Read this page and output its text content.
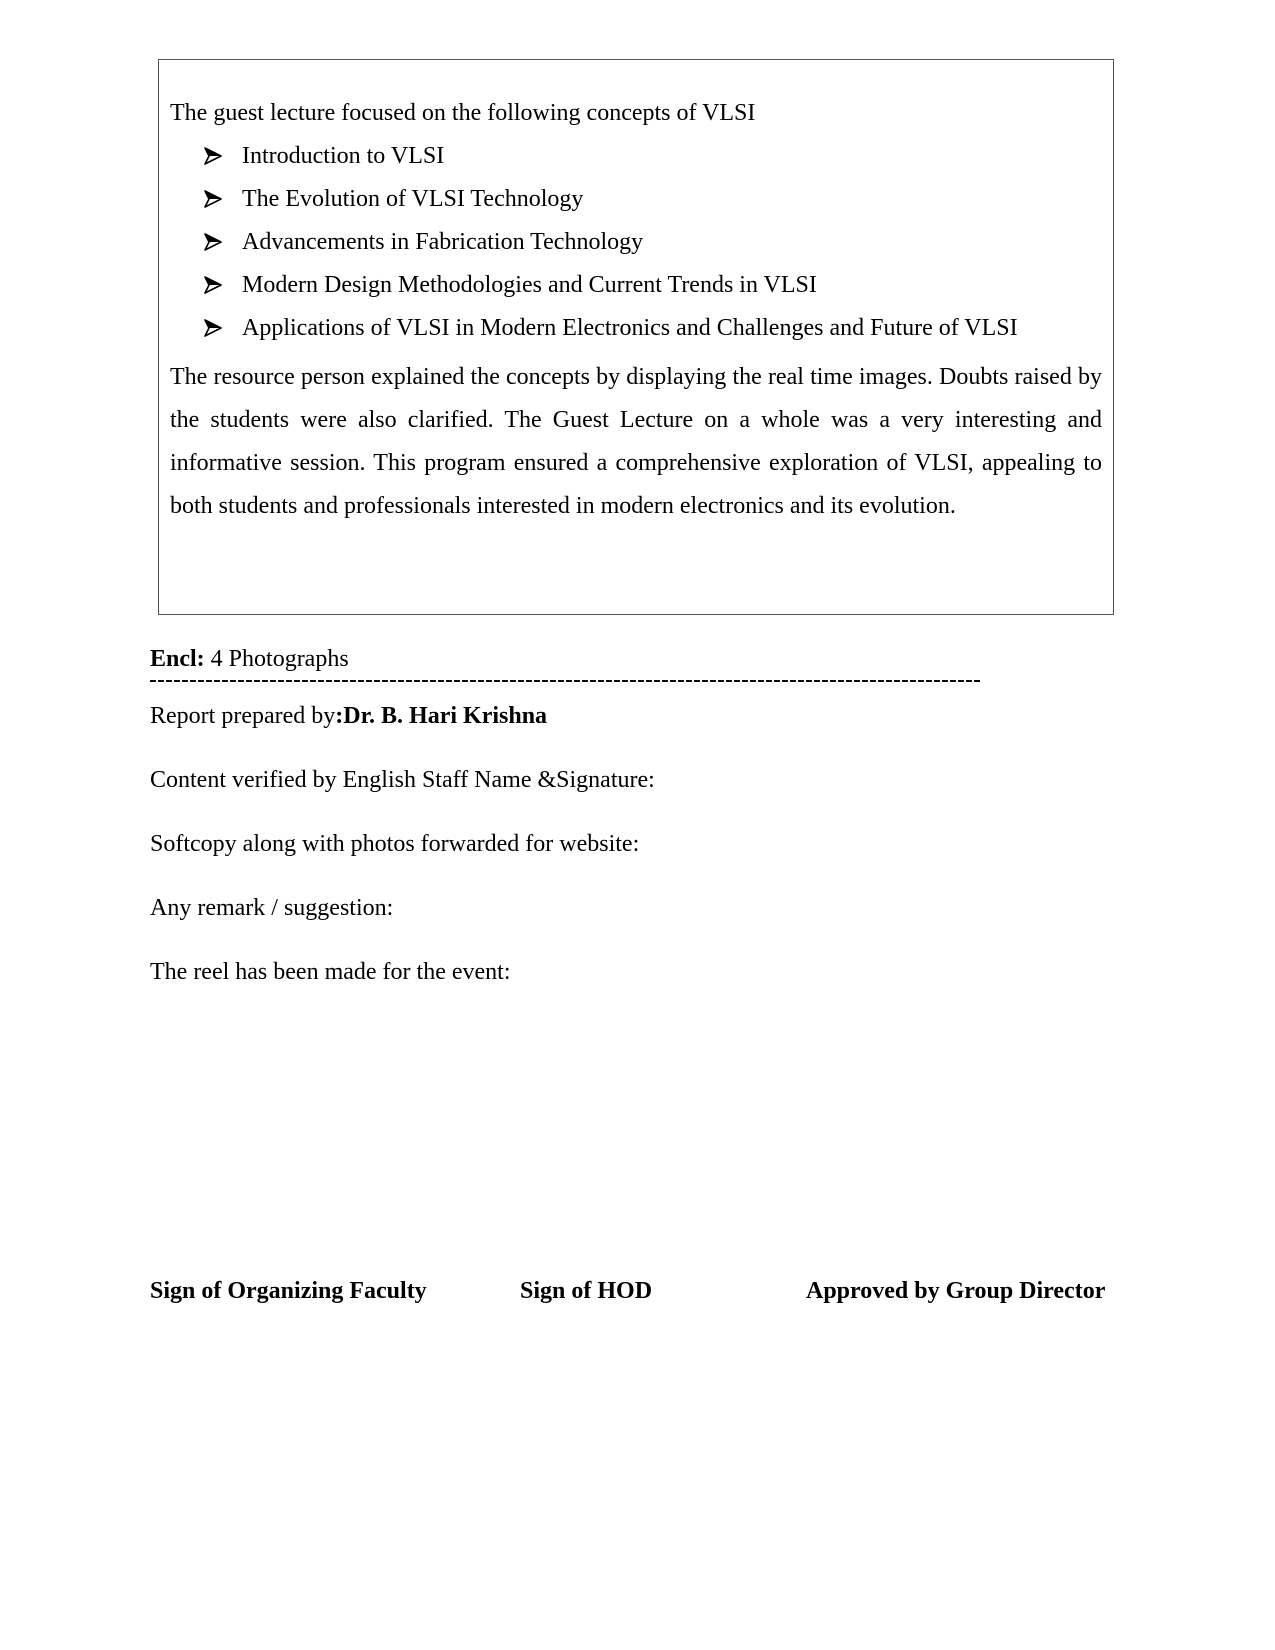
The guest lecture focused on the following concepts of VLSI
Introduction to VLSI
The Evolution of VLSI Technology
Advancements in Fabrication Technology
Modern Design Methodologies and Current Trends in VLSI
Applications of VLSI in Modern Electronics and Challenges and Future of VLSI

The resource person explained the concepts by displaying the real time images. Doubts raised by the students were also clarified. The Guest Lecture on a whole was a very interesting and informative session. This program ensured a comprehensive exploration of VLSI, appealing to both students and professionals interested in modern electronics and its evolution.

Encl: 4 Photographs
Report prepared by:Dr. B. Hari Krishna
Content verified by English Staff Name &Signature:
Softcopy along with photos forwarded for website:
Any remark / suggestion:
The reel has been made for the event:
Sign of Organizing Faculty	Sign of HOD	Approved by Group Director
